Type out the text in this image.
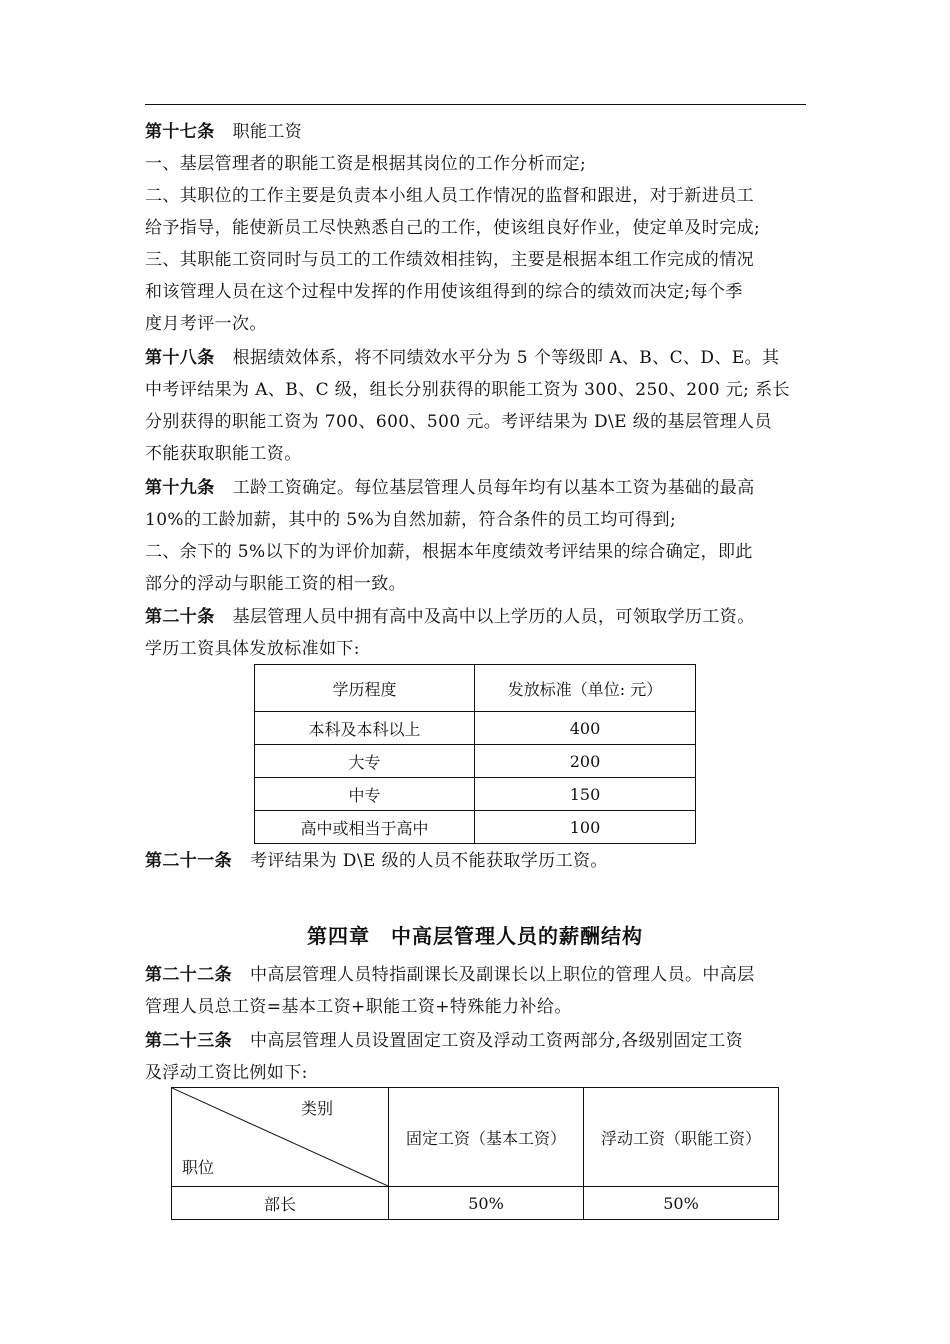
第十七条 职能工资
一、基层管理者的职能工资是根据其岗位的工作分析而定;
二、其职位的工作主要是负责本小组人员工作情况的监督和跟进，对于新进员工
给予指导，能使新员工尽快熟悉自己的工作，使该组良好作业，使定单及时完成;
三、其职能工资同时与员工的工作绩效相挂钩，主要是根据本组工作完成的情况
和该管理人员在这个过程中发挥的作用使该组得到的综合的绩效而决定;每个季
度月考评一次。
第十八条 根据绩效体系，将不同绩效水平分为 5 个等级即 A、B、C、D、E。其
中考评结果为 A、B、C 级，组长分别获得的职能工资为 300、250、200 元; 系长
分别获得的职能工资为 700、600、500 元。考评结果为 D\E 级的基层管理人员
不能获取职能工资。
第十九条 工龄工资确定。每位基层管理人员每年均有以基本工资为基础的最高
10%的工龄加薪，其中的 5%为自然加薪，符合条件的员工均可得到;
二、余下的 5%以下的为评价加薪，根据本年度绩效考评结果的综合确定，即此
部分的浮动与职能工资的相一致。
第二十条 基层管理人员中拥有高中及高中以上学历的人员，可领取学历工资。
学历工资具体发放标准如下:
学历程度	发放标准（单位: 元）
本科及本科以上	400
大专	200
中专	150
高中或相当于高中	100
第二十一条 考评结果为 D\E 级的人员不能获取学历工资。
第四章　中高层管理人员的薪酬结构
第二十二条 中高层管理人员特指副课长及副课长以上职位的管理人员。中高层
管理人员总工资=基本工资+职能工资+特殊能力补给。
第二十三条 中高层管理人员设置固定工资及浮动工资两部分,各级别固定工资
及浮动工资比例如下:
类别
职位	固定工资（基本工资）	浮动工资（职能工资）
部长	50%	50%
